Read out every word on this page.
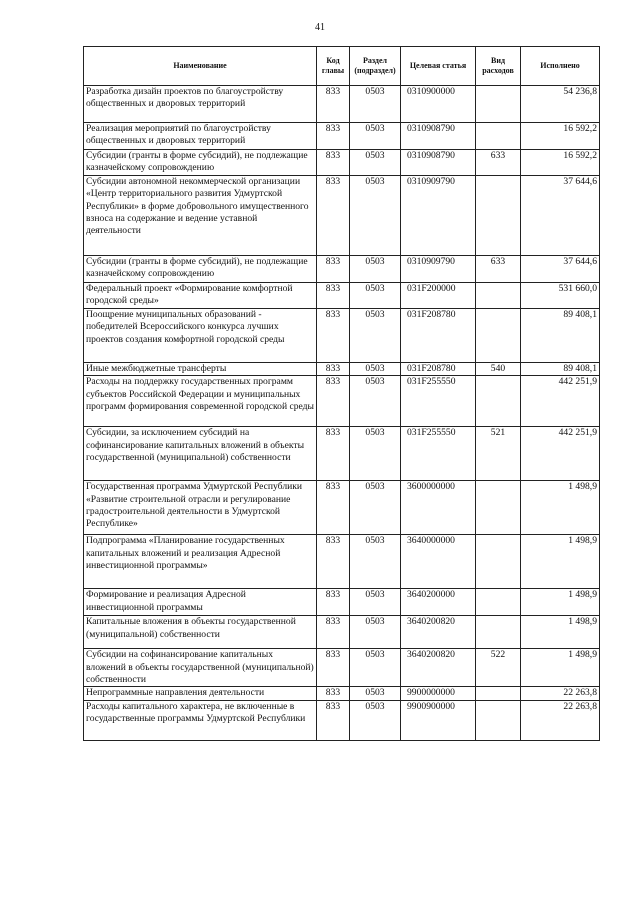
41
Наименование	Код главы	Раздел (подраздел)	Целевая статья	Вид расходов	Исполнено
Разработка дизайн проектов по благоустройству общественных и дворовых территорий	833	0503	0310900000		54 236,8
Реализация мероприятий по благоустройству общественных и дворовых территорий	833	0503	0310908790		16 592,2
Субсидии (гранты в форме субсидий), не подлежащие казначейскому сопровождению	833	0503	0310908790	633	16 592,2
Субсидии автономной некоммерческой организации «Центр территориального развития Удмуртской Республики» в форме добровольного имущественного взноса на содержание и ведение уставной деятельности	833	0503	0310909790		37 644,6
Субсидии (гранты в форме субсидий), не подлежащие казначейскому сопровождению	833	0503	0310909790	633	37 644,6
Федеральный проект «Формирование комфортной городской среды»	833	0503	031F200000		531 660,0
Поощрение муниципальных образований - победителей Всероссийского конкурса лучших проектов создания комфортной городской среды	833	0503	031F208780		89 408,1
Иные межбюджетные трансферты	833	0503	031F208780	540	89 408,1
Расходы на поддержку государственных программ субъектов Российской Федерации и муниципальных программ формирования современной городской среды	833	0503	031F255550		442 251,9
Субсидии, за исключением субсидий на софинансирование капитальных вложений в объекты государственной (муниципальной) собственности	833	0503	031F255550	521	442 251,9
Государственная программа Удмуртской Республики «Развитие строительной отрасли и регулирование градостроительной деятельности в Удмуртской Республике»	833	0503	3600000000		1 498,9
Подпрограмма «Планирование государственных капитальных вложений и реализация Адресной инвестиционной программы»	833	0503	3640000000		1 498,9
Формирование и реализация Адресной инвестиционной программы	833	0503	3640200000		1 498,9
Капитальные вложения в объекты государственной (муниципальной) собственности	833	0503	3640200820		1 498,9
Субсидии на софинансирование капитальных вложений в объекты государственной (муниципальной) собственности	833	0503	3640200820	522	1 498,9
Непрограммные направления деятельности	833	0503	9900000000		22 263,8
Расходы капитального характера, не включенные в государственные программы Удмуртской Республики	833	0503	9900900000		22 263,8
